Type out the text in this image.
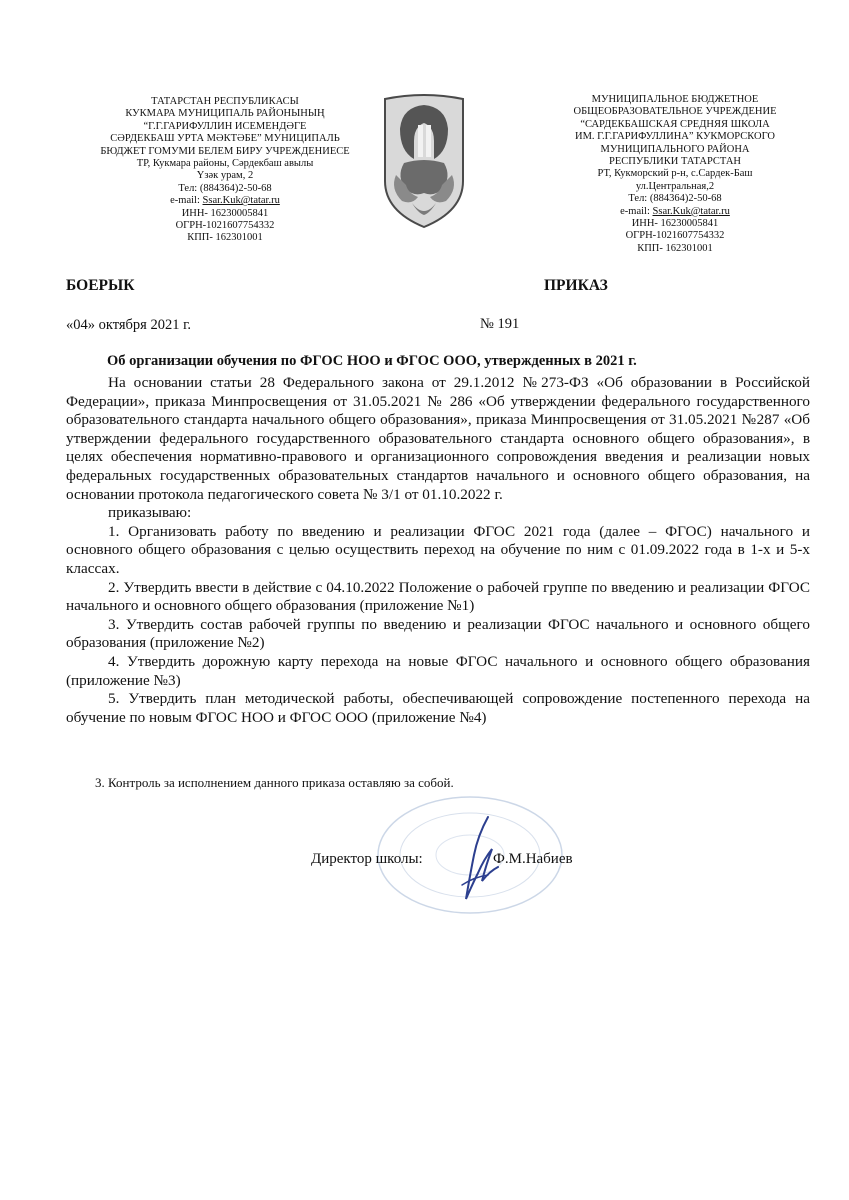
ТАТАРСТАН РЕСПУБЛИКАСЫ
КУКМАРА МУНИЦИПАЛЬ РАЙОНЫНЫҢ
“Г.Г.ГАРИФУЛЛИН ИСЕМЕНДӘГЕ
СӘРДЕКБАШ УРТА МӘКТӘБЕ” МУНИЦИПАЛЬ
БЮДЖЕТ ГОМУМИ БЕЛЕМ БИРУ УЧРЕЖДЕНИЕСЕ
ТР, Кукмара районы, Сәрдекбаш авылы
Үзәк урам, 2
Тел: (884364)2-50-68
e-mail: Ssar.Kuk@tatar.ru
ИНН- 16230005841
ОГРН-1021607754332
КПП- 162301001
МУНИЦИПАЛЬНОЕ БЮДЖЕТНОЕ
ОБЩЕОБРАЗОВАТЕЛЬНОЕ УЧРЕЖДЕНИЕ
“САРДЕКБАШСКАЯ СРЕДНЯЯ ШКОЛА
ИМ. Г.Г.ГАРИФУЛЛИНА” КУКМОРСКОГО
МУНИЦИПАЛЬНОГО РАЙОНА
РЕСПУБЛИКИ ТАТАРСТАН
РТ, Кукморский р-н, с.Сардек-Баш
ул.Центральная,2
Тел: (884364)2-50-68
e-mail: Ssar.Kuk@tatar.ru
ИНН- 16230005841
ОГРН-1021607754332
КПП- 162301001
БОЕРЫК	ПРИКАЗ
«04» октября 2021 г.	№ 191
Об организации обучения по ФГОС НОО и ФГОС ООО, утвержденных в 2021 г.

На основании статьи 28 Федерального закона от 29.1.2012 №273-ФЗ «Об образовании в Российской Федерации», приказа Минпросвещения от 31.05.2021 № 286 «Об утверждении федерального государственного образовательного стандарта начального общего образования», приказа Минпросвещения от 31.05.2021 №287 «Об утверждении федерального государственного образовательного стандарта основного общего образования», в целях обеспечения нормативно-правового и организационного сопровождения введения и реализации новых федеральных государственных образовательных стандартов начального и основного общего образования, на основании протокола педагогического совета № 3/1 от 01.10.2022 г.

приказываю:

1. Организовать работу по введению и реализации ФГОС 2021 года (далее – ФГОС) начального и основного общего образования с целью осуществить переход на обучение по ним с 01.09.2022 года в 1-х и 5-х классах.

2. Утвердить ввести в действие с 04.10.2022 Положение о рабочей группе по введению и реализации ФГОС начального и основного общего образования (приложение №1)

3. Утвердить состав рабочей группы по введению и реализации ФГОС начального и основного общего образования (приложение №2)

4. Утвердить дорожную карту перехода на новые ФГОС начального и основного общего образования (приложение №3)

5. Утвердить план методической работы, обеспечивающей сопровождение постепенного перехода на обучение по новым ФГОС НОО и ФГОС ООО (приложение №4)

3. Контроль за исполнением данного приказа оставляю за собой.
Директор школы:	Ф.М.Набиев
